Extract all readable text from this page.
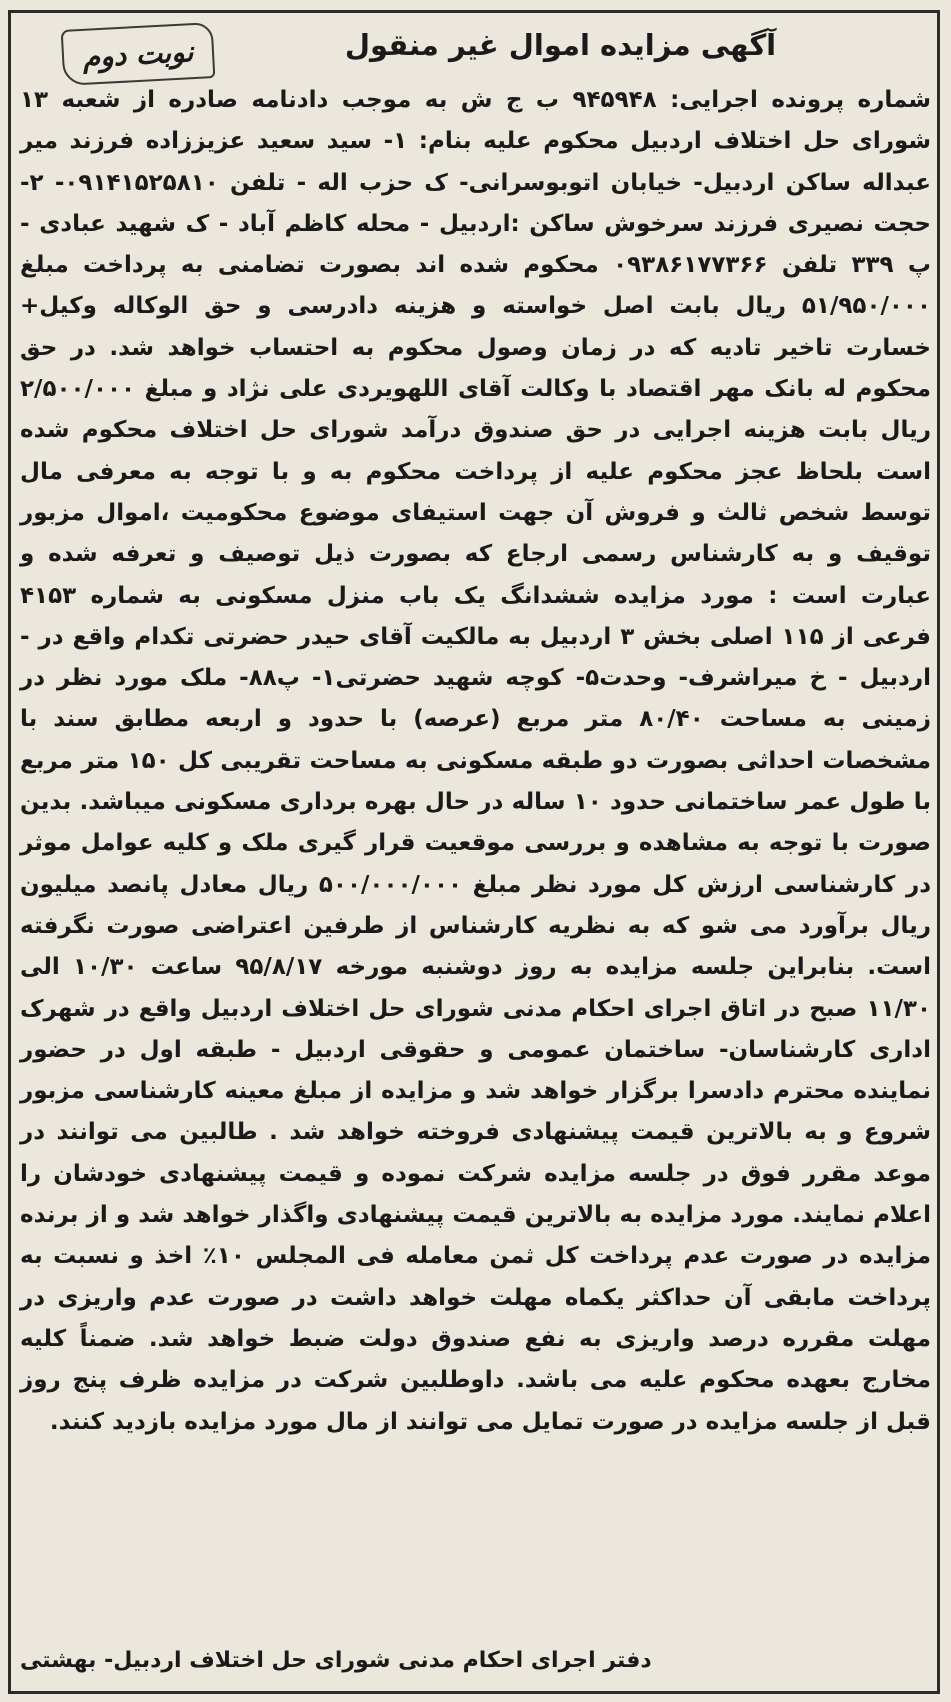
نوبت دوم	آگهی مزایده اموال غیر منقول
شماره پرونده اجرایی: ۹۴۵۹۴۸ ب ج ش به موجب دادنامه صادره از شعبه ۱۳ شورای حل اختلاف اردبیل محکوم علیه بنام: ۱- سید سعید عزیززاده فرزند میر عبداله ساکن اردبیل- خیابان اتوبوسرانی- ک حزب اله - تلفن ۰۹۱۴۱۵۲۵۸۱۰- ۲- حجت نصیری فرزند سرخوش ساکن :اردبیل - محله کاظم آباد - ک شهید عبادی - پ ۳۳۹ تلفن ۰۹۳۸۶۱۷۷۳۶۶ محکوم شده اند بصورت تضامنی به پرداخت مبلغ ۵۱/۹۵۰/۰۰۰ ریال بابت اصل خواسته و هزینه دادرسی و حق الوکاله وکیل+ خسارت تاخیر تادیه که در زمان وصول محکوم به احتساب خواهد شد. در حق محکوم له بانک مهر اقتصاد با وکالت آقای اللهویردی علی نژاد و مبلغ ۲/۵۰۰/۰۰۰ ریال بابت هزینه اجرایی در حق صندوق درآمد شورای حل اختلاف محکوم شده است بلحاظ عجز محکوم علیه از پرداخت محکوم به و با توجه به معرفی مال توسط شخص ثالث و فروش آن جهت استیفای موضوع محکومیت ،اموال مزبور توقیف و به کارشناس رسمی ارجاع که بصورت ذیل توصیف و تعرفه شده و عبارت است : مورد مزایده ششدانگ یک باب منزل مسکونی به شماره ۴۱۵۳ فرعی از ۱۱۵ اصلی بخش ۳ اردبیل به مالکیت آقای حیدر حضرتی تکدام واقع در - اردبیل - خ میراشرف- وحدت۵- کوچه شهید حضرتی۱- پ۸۸- ملک مورد نظر در زمینی به مساحت ۸۰/۴۰ متر مربع (عرصه) با حدود و اربعه مطابق سند با مشخصات احداثی بصورت دو طبقه مسکونی به مساحت تقریبی کل ۱۵۰ متر مربع با طول عمر ساختمانی حدود ۱۰ ساله در حال بهره برداری مسکونی میباشد. بدین صورت با توجه به مشاهده و بررسی موقعیت قرار گیری ملک و کلیه عوامل موثر در کارشناسی ارزش کل مورد نظر مبلغ ۵۰۰/۰۰۰/۰۰۰ ریال معادل پانصد میلیون ریال برآورد می شو که به نظریه کارشناس از طرفین اعتراضی صورت نگرفته است. بنابراین جلسه مزایده به روز دوشنبه مورخه ۹۵/۸/۱۷ ساعت ۱۰/۳۰ الی ۱۱/۳۰ صبح در اتاق اجرای احکام مدنی شورای حل اختلاف اردبیل واقع در شهرک اداری کارشناسان- ساختمان عمومی و حقوقی اردبیل - طبقه اول در حضور نماینده محترم دادسرا برگزار خواهد شد و مزایده از مبلغ معینه کارشناسی مزبور شروع و به بالاترین قیمت پیشنهادی فروخته خواهد شد . طالبین می توانند در موعد مقرر فوق در جلسه مزایده شرکت نموده و قیمت پیشنهادی خودشان را اعلام نمایند. مورد مزایده به بالاترین قیمت پیشنهادی واگذار خواهد شد و از برنده مزایده در صورت عدم پرداخت کل ثمن معامله فی المجلس ۱۰٪ اخذ و نسبت به پرداخت مابقی آن حداکثر یکماه مهلت خواهد داشت در صورت عدم واریزی در مهلت مقرره درصد واریزی به نفع صندوق دولت ضبط خواهد شد. ضمناً کلیه مخارج بعهده محکوم علیه می باشد. داوطلبین شرکت در مزایده ظرف پنج روز قبل از جلسه مزایده در صورت تمایل می توانند از مال مورد مزایده بازدید کنند.
دفتر اجرای احکام مدنی شورای حل اختلاف اردبیل- بهشتی
